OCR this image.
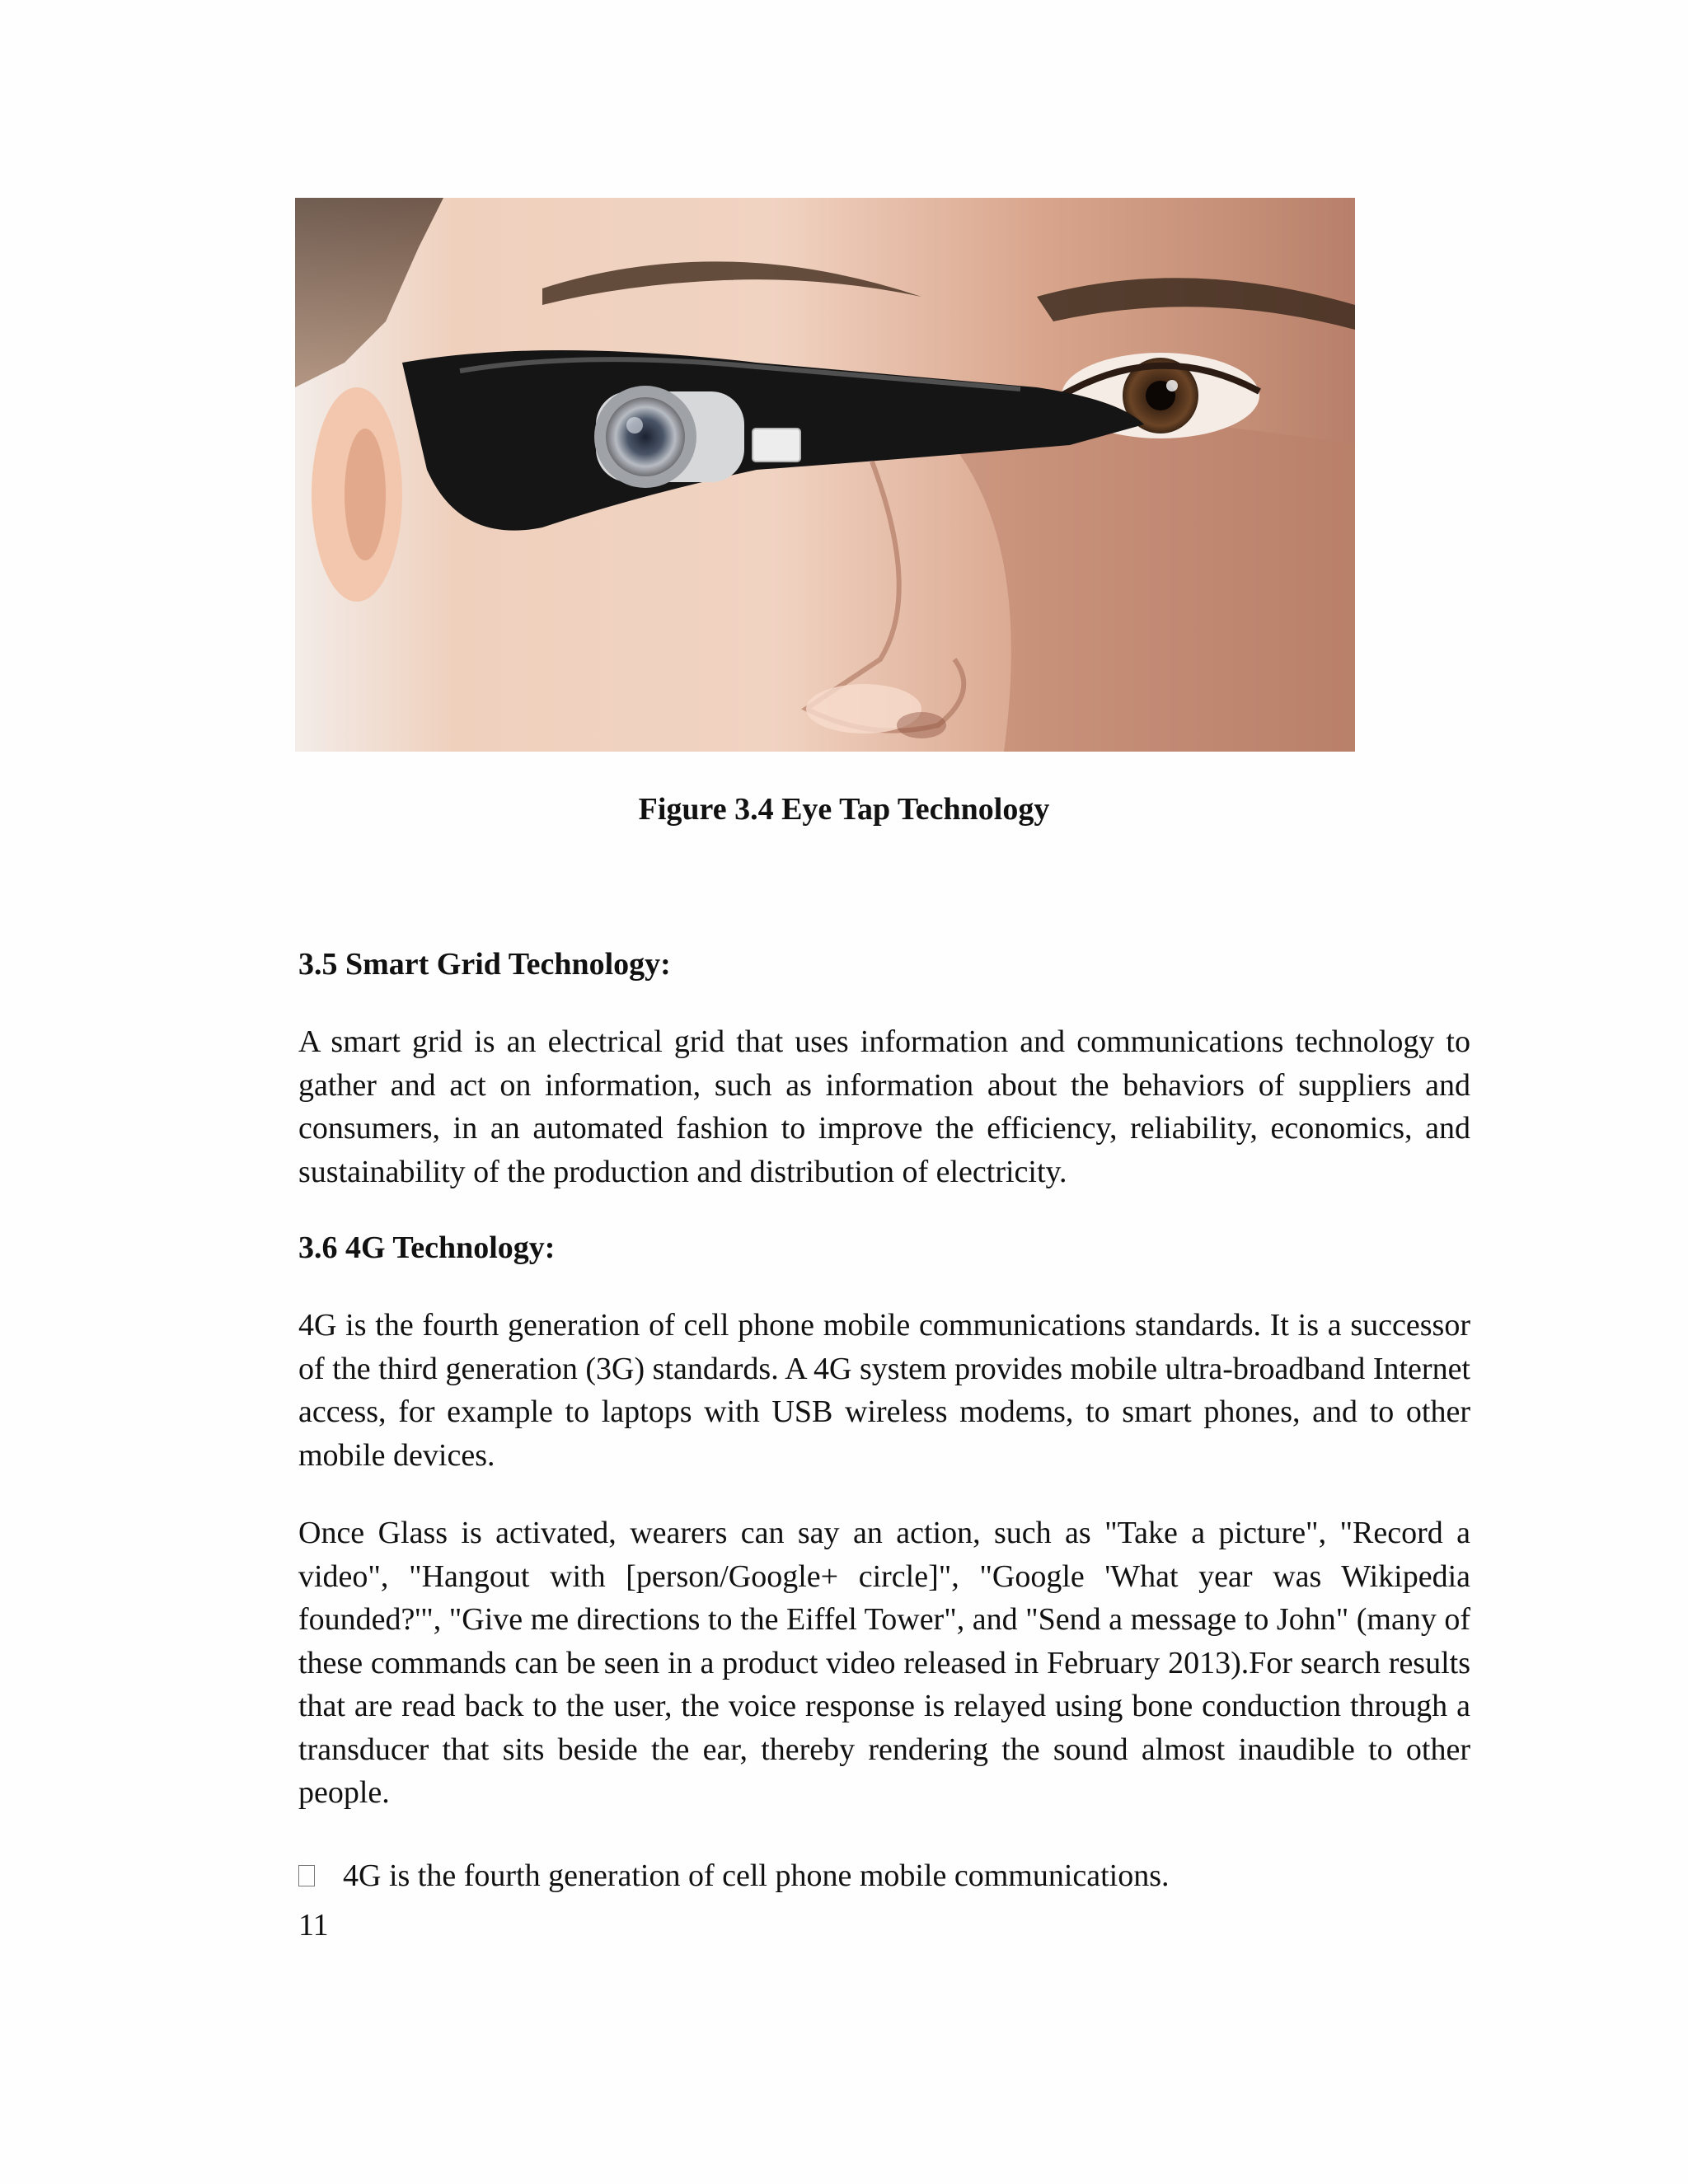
Figure 3.4 Eye Tap Technology
3.5 Smart Grid Technology:
A smart grid is an electrical grid that uses information and communications technology to gather and act on information, such as information about the behaviors of suppliers and consumers, in an automated fashion to improve the efficiency, reliability, economics, and sustainability of the production and distribution of electricity.
3.6 4G Technology:
4G is the fourth generation of cell phone mobile communications standards. It is a successor of the third generation (3G) standards. A 4G system provides mobile ultra-broadband Internet access, for example to laptops with USB wireless modems, to smart phones, and to other mobile devices.
Once Glass is activated, wearers can say an action, such as "Take a picture", "Record a video", "Hangout with [person/Google+ circle]", "Google 'What year was Wikipedia founded?'", "Give me directions to the Eiffel Tower", and "Send a message to John" (many of these commands can be seen in a product video released in February 2013).For search results that are read back to the user, the voice response is relayed using bone conduction through a transducer that sits beside the ear, thereby rendering the sound almost inaudible to other people.
4G is the fourth generation of cell phone mobile communications.
11
